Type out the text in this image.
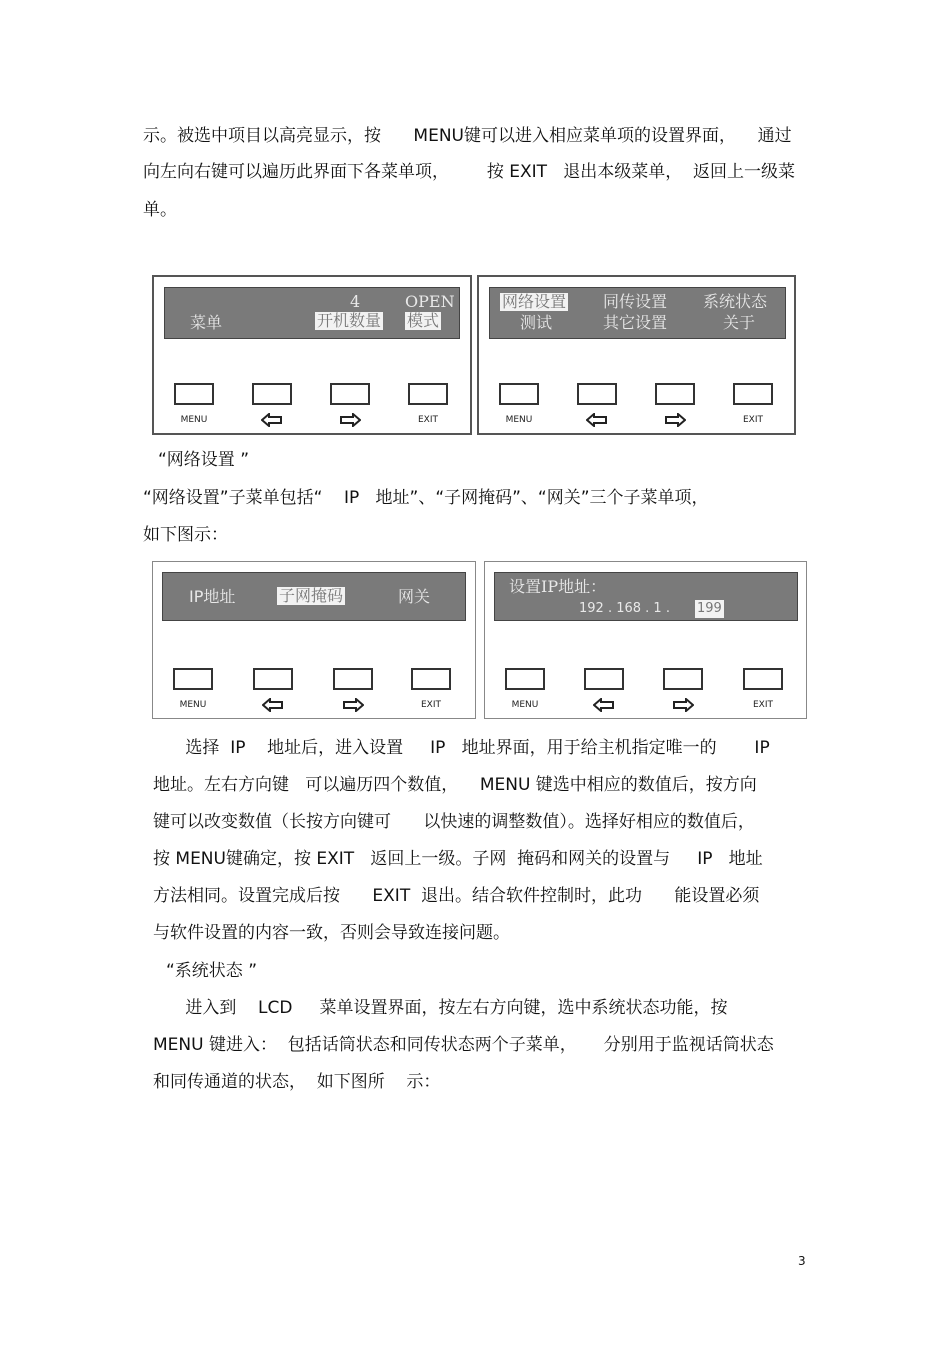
示。被选中项目以高亮显示，按      MENU键可以进入相应菜单项的设置界面，    通过
向左向右键可以遍历此界面下各菜单项，       按 EXIT   退出本级菜单，  返回上一级菜
单。
4	OPEN
菜单	开机数量 模式
MENU	EXIT
网络设置 同传设置 系统状态
测试	其它设置	关于
MENU	EXIT
“网络设置 ”
“网络设置”子菜单包括“    IP   地址”、“子网掩码”、“网关”三个子菜单项，
如下图示：
IP地址	子网掩码	网关
MENU	EXIT
设置IP地址：
192 . 168 . 1 . 199
MENU	EXIT
选择  IP    地址后，进入设置     IP   地址界面，用于给主机指定唯一的       IP
地址。左右方向键   可以遍历四个数值，    MENU 键选中相应的数值后，按方向
键可以改变数值（长按方向键可      以快速的调整数值）。选择好相应的数值后，
按 MENU键确定，按 EXIT   返回上一级。子网  掩码和网关的设置与     IP   地址
方法相同。设置完成后按      EXIT  退出。结合软件控制时，此功      能设置必须
与软件设置的内容一致，否则会导致连接问题。
“系统状态 ”
进入到    LCD     菜单设置界面，按左右方向键，选中系统状态功能，按
MENU 键进入：  包括话筒状态和同传状态两个子菜单，     分别用于监视话筒状态
和同传通道的状态，  如下图所    示：
3
